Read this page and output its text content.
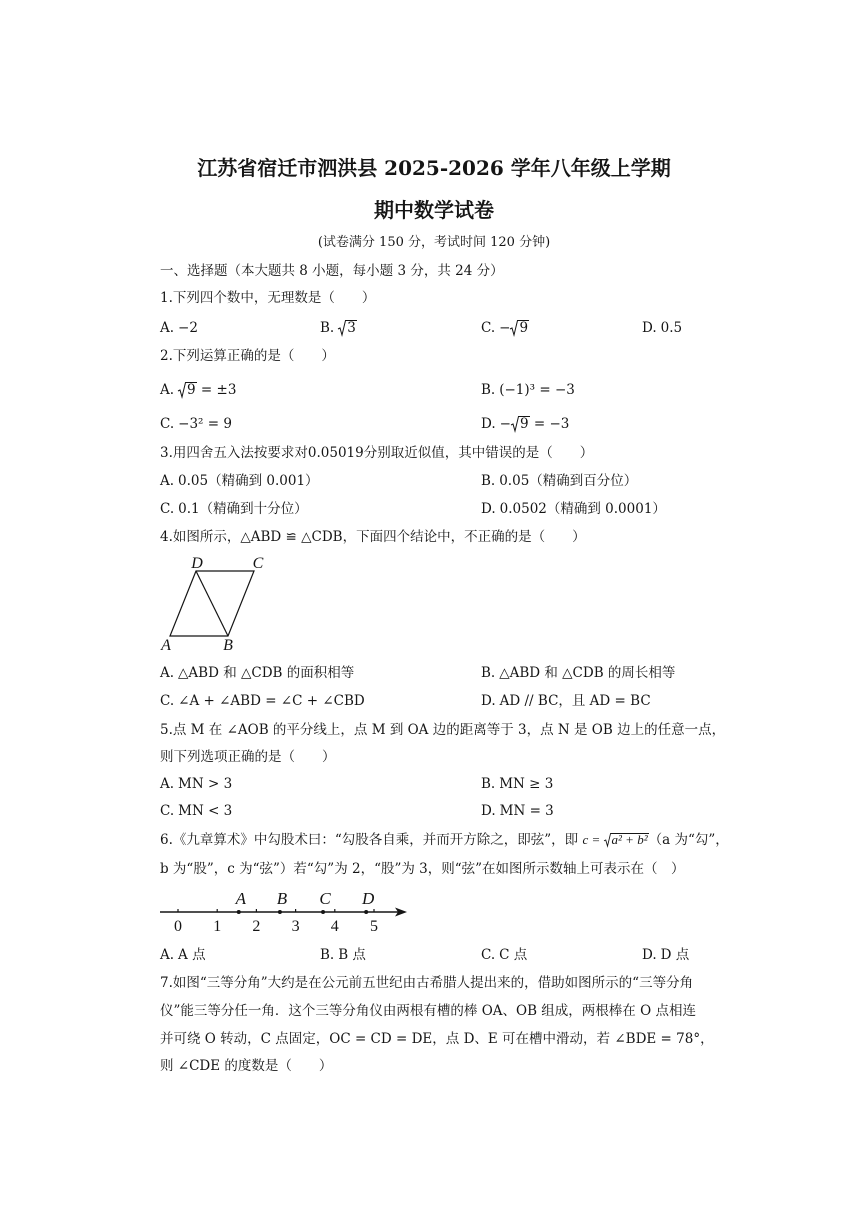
江苏省宿迁市泗洪县 2025-2026 学年八年级上学期
期中数学试卷
(试卷满分 150 分，考试时间 120 分钟)
一、选择题（本大题共 8 小题，每小题 3 分，共 24 分）
1.下列四个数中，无理数是（　　）
A. −2	B. 3	C. − 9	D. 0.5
2.下列运算正确的是（　　）
A. 9 = ±3	B. (−1)³ = −3
C. −3² = 9	D. − 9 = −3
3.用四舍五入法按要求对0.05019分别取近似值，其中错误的是（　　）
A. 0.05（精确到 0.001）	B. 0.05（精确到百分位）
C. 0.1（精确到十分位）	D. 0.0502（精确到 0.0001）
4.如图所示，△ABD ≌ △CDB，下面四个结论中，不正确的是（　　）
D	C
A	B
A. △ABD 和 △CDB 的面积相等	B. △ABD 和 △CDB 的周长相等
C. ∠A + ∠ABD = ∠C + ∠CBD	D. AD // BC，且 AD = BC
5.点 M 在 ∠AOB 的平分线上，点 M 到 OA 边的距离等于 3，点 N 是 OB 边上的任意一点，
则下列选项正确的是（　　）
A. MN > 3	B. MN ≥ 3
C. MN < 3	D. MN = 3
6.《九章算术》中勾股术曰：“勾股各自乘，并而开方除之，即弦”，即 c = a² + b²（a 为“勾”，
b 为“股”，c 为“弦”）若“勾”为 2，“股”为 3，则“弦”在如图所示数轴上可表示在（　）
0 1 2 3 4 5
A B C D
A. A 点	B. B 点	C. C 点	D. D 点
7.如图“三等分角”大约是在公元前五世纪由古希腊人提出来的，借助如图所示的“三等分角
仪”能三等分任一角．这个三等分角仪由两根有槽的棒 OA、OB 组成，两根棒在 O 点相连
并可绕 O 转动，C 点固定，OC = CD = DE，点 D、E 可在槽中滑动，若 ∠BDE = 78°，
则 ∠CDE 的度数是（　　）
